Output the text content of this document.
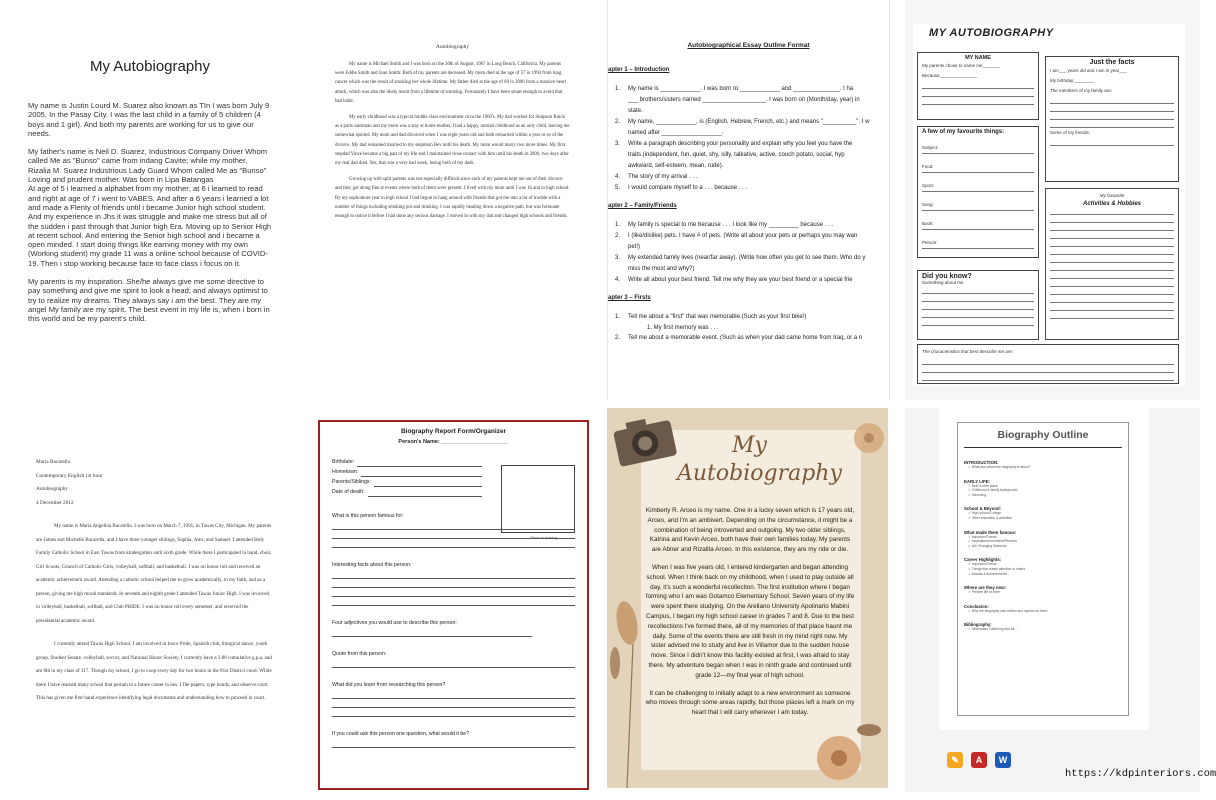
My Autobiography

My name is Justin Lourd M. Suarez also known as TIn I was born July 9 2005, In the Pasay City. I was the last child in a family of 5 children (4 boys and 1 girl). And both my parents are working for us to give our needs.

My father's name is Neil D. Suarez, Industrious Company Driver Whom called Me as "Bunso" came from indang Cavite; while my mother, Rizalia M. Suarez Industrious Lady Guard Whom called Me as "Bunso" Loving and prudent mother. Was born in Lipa Batangas
At age of 5 i learned a alphabet from my mother; at 6 i learned to read and right at age of 7 i went to VABES. And after a 6 years i learned a lot and made a Flenty of friends until i became Junior high school student. And my experience in Jhs it was struggle and make me stress but all of the sudden i past through that Junior high Era. Moving up to Senior High at recent school. And entering the Senior high school and i became a open minded. I start doing things like earning money with my own (Working student) my grade 11 was a online school because of COVID-19. Then i stop working because face to face class i focus on it.

My parents is my inspiration. She/he always give me some directive to pay something and give me spirit to look a head; and always optimist to try to realize my dreams. They always say i am the best. They are my angel My family are my spirit. The best event in my life is, when i born in this world and be my parent's child.

Autobiography

My name is Michael Smith and I was born on the 30th of August, 1967 in Long Beach, California. My parents were Eddie Smith and Joan Smith. Both of my parents are deceased. My mom died at the age of 57 in 1994 from lung cancer which was the result of smoking her whole lifetime. My father died at the age of 69 in 2006 from a massive heart attack, which was also the likely result from a lifetime of smoking. Fortunately I have been smart enough to avoid that bad habit.

My early childhood was a typical middle class environment circa the 1960's. My dad worked for Simpson Buick as a parts salesman and my mom was a stay at home mother. I had a happy, normal childhood as an only child, leaving me somewhat spoiled. My mom and dad divorced when I was eight years old and both remarried within a year or so of the divorce. My dad remained married to my stepmom Bev until his death. My mom would marry two more times. My first stepdad Vince became a big part of my life and I maintained close contact with him until his death in 2006, two days after my real dad died. Yes, that was a very bad week, losing both of my dads.

Growing up with split parents was not especially difficult since each of my parents kept me out of their divorce and they got along fine at events where both of them were present. I lived with my mom until I was 16 and in high school. By my sophomore year in high school I had begun to hang around with friends that got me into a lot of trouble with a number of things including smoking pot and drinking. I was rapidly heading down a negative path, but was fortunate enough to notice it before I had done any serious damage. I moved in with my dad and changed high schools and friends.

Autobiographical Essay Outline Format
apter 1 – Introduction
1. My name is ____________. I was born to ____________ and ______________. I ha
___ brothers/sisters named ___________________. I was born on (Month/day, year) in
state.
2. My name, ____________, is (English, Hebrew, French, etc.) and means "__________". I w
named after __________________.
3. Write a paragraph describing your personality and explain why you feel you have the
traits.(independent, fun, quiet, shy, silly, talkative, active, couch potato, social, hyp
awkward, self-esteem, mean, rude).
4. The story of my arrival . . .
5. I would compare myself to a . . . because . . .
apter 2 – Family/Friends
1. My family is special to me because . . . I look like my _________ because . . .
2. I (like/dislike) pets. I have # of pets. (Write all about your pets or perhaps you may wan
pet!)
3. My extended family lives (near/far away). (Write how often you get to see them. Who do y
miss the most and why?)
4. Write all about your best friend. Tell me why they are your best friend or a special frie
apter 3 – Firsts
1. Tell me about a "first" that was memorable.(Such as your first bike!)
1. My first memory was . . .
2. Tell me about a memorable event. (Such as when your dad came home from Iraq, or a n
MY AUTOBIOGRAPHY
MY NAME
My parents chose to name me_______
Because_______________
Just the facts
I am___ years old and I am in year___
My birthday:________
The members of my family are:
Some of my friends:
A few of my favourite things:
Subject:
Food:
Sport:
Song:
Book:
Person:
My favourite
Activities & Hobbies
Did you know?
Something about me
The characteristics that best describe me are:
Maria Bacarella
Contemporary English 1st hour
Autobiography
4 December 2012

My name is Maria Angelina Bacarella. I was born on March 7, 1995, in Tawas City, Michigan. My parents are James and Michelle Bacarella, and I have three younger siblings, Sophia, Alex, and Samuel. I attended Holy Family Catholic School in East Tawas from kindergarten until sixth grade. While there I participated in band, choir, Girl Scouts, Council of Catholic Girls, volleyball, softball, and basketball. I was on honor roll and received an academic achievement award. Attending a catholic school helped me to grow academically, in my faith, and as a person, giving me high moral standards. In seventh and eighth grade I attended Tawas Junior High. I was involved in volleyball, basketball, softball, and Club PRIDE. I was on honor roll every semester, and received the presidential academic award.

I currently attend Tawas High School. I am involved in Iosco Pride, Spanish club, liturgical dance, youth group, Student Senate, volleyball, soccer, and National Honor Society. I currently have a 3.88 cumulative g.p.a. and am 8th in my class of 117. Though my school, I go to coop every day for two hours in the 81st District court. While there I have learned many school that pertain to a future career in law. I file papers, type bonds, and observe court. This has given me first-hand experience identifying legal documents and understanding how to proceed in court.

Biography Report Form/Organizer
Person's Name: ______________________
Birthdate:
Hometown:
Parents/Siblings:
Date of death:
Photo or drawing
What is this person famous for:
Interesting facts about this person:
Four adjectives you would use to describe this person:
Quote from this person:
What did you learn from researching this person?
If you could ask this person one question, what would it be?
My
Autobiography

Kimberly R. Arceo is my name. One in a lucky seven which is 17 years old, Arceo, and I'm an ambivert. Depending on the circumstance, it might be a combination of being introverted and outgoing. My two older siblings, Katrina and Kevin Arceo, both have their own families today. My parents are Abner and Rizalita Arceo. In this existence, they are my ride or die.

When I was five years old, I entered kindergarten and began attending school. When I think back on my childhood, when I used to play outside all day, it's such a wonderful recollection. The first institution where I began forming who I am was Gotamco Elementary School. Seven years of my life were spent there studying. On the Arellano University Apolinario Mabini Campus, I began my high school career in grades 7 and 8. Due to the best recollections I've formed there, all of my memories of that place haunt me daily. Some of the events there are still fresh in my mind right now. My sister advised me to study and live in Villamor due to the sudden house move. Since I didn't know this facility existed at first, I was afraid to stay there. My adventure began when I was in ninth grade and continued until grade 12—my final year of high school.

It can be challenging to initially adapt to a new environment as someone who moves through some areas rapidly, but those places left a mark on my heart that I will carry wherever I am today.

Biography Outline
INTRODUCTION:
✓ What and whom the biography is about?
EARLY LIFE:
✓ Birth & birth place
✓ Childhood & family background
✓ Schooling
School & Beyond:
✓ High school/College
✓ Other education & activities
What made them famous:
✓ Important Events
✓ Inspirational moments/Persons
✓ Life Changing Moments
Career Highlights:
✓ Important Events
✓ Things that drawn attention of others
✓ Awards & Achievements
Where are they now:
✓ Present life of them
Conclusion:
✓ Why the biography was written and opinion on them
Bibliography:
✓ Information Gathering and all....
✎	A	W
https://kdpinteriors.com
